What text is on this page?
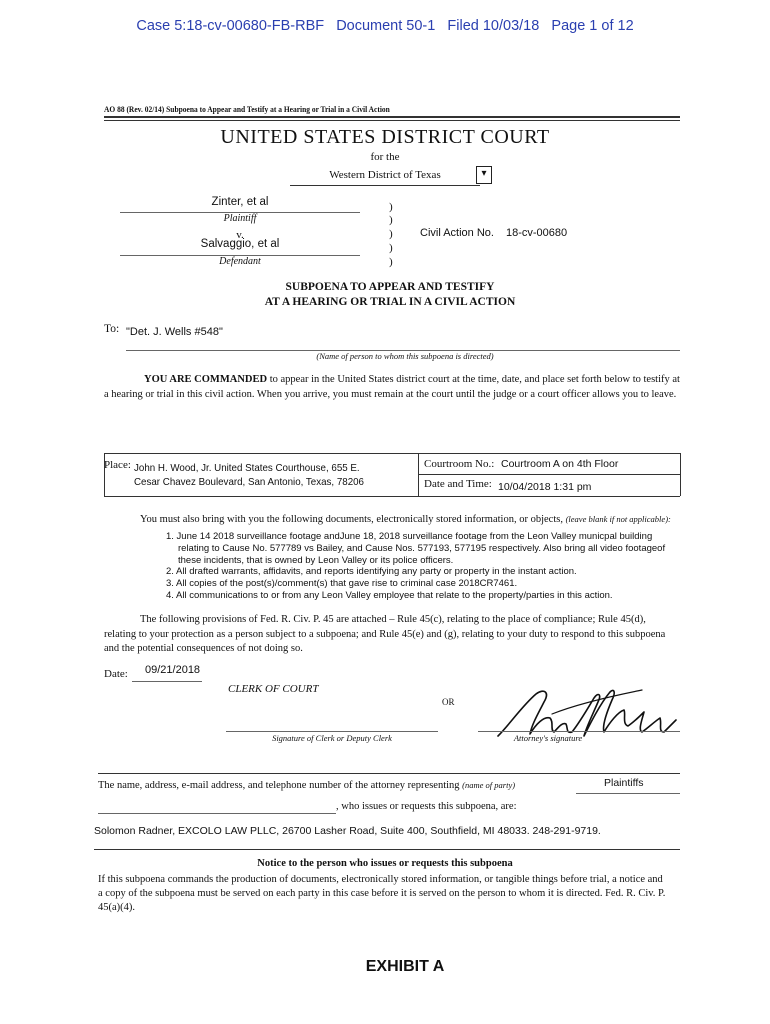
Case 5:18-cv-00680-FB-RBF   Document 50-1   Filed 10/03/18   Page 1 of 12
AO 88 (Rev. 02/14) Subpoena to Appear and Testify at a Hearing or Trial in a Civil Action
UNITED STATES DISTRICT COURT
for the
Western District of Texas	▾
Zinter, et al
Plaintiff
v.
Salvaggio, et al
Defendant
)
)
)
)
)
Civil Action No. 18-cv-00680
SUBPOENA TO APPEAR AND TESTIFY
AT A HEARING OR TRIAL IN A CIVIL ACTION
To: "Det. J. Wells #548"
(Name of person to whom this subpoena is directed)
YOU ARE COMMANDED to appear in the United States district court at the time, date, and place set forth below to testify at a hearing or trial in this civil action. When you arrive, you must remain at the court until the judge or a court officer allows you to leave.
Place: John H. Wood, Jr. United States Courthouse, 655 E.
Cesar Chavez Boulevard, San Antonio, Texas, 78206
Courtroom No.: Courtroom A on 4th Floor
Date and Time: 10/04/2018 1:31 pm
You must also bring with you the following documents, electronically stored information, or objects, (leave blank if not applicable):
1. June 14 2018 surveillance footage andJune 18, 2018 surveillance footage from the Leon Valley municpal building relating to Cause No. 577789 vs Bailey, and Cause Nos. 577193, 577195 respectively. Also bring all video footageof these incidents, that is owned by Leon Valley or its police officers.
2. All drafted warrants, affidavits, and reports identifying any party or property in the instant action.
3. All copies of the post(s)/comment(s) that gave rise to criminal case 2018CR7461.
4. All communications to or from any Leon Valley employee that relate to the property/parties in this action.
The following provisions of Fed. R. Civ. P. 45 are attached – Rule 45(c), relating to the place of compliance; Rule 45(d), relating to your protection as a person subject to a subpoena; and Rule 45(e) and (g), relating to your duty to respond to this subpoena and the potential consequences of not doing so.
Date: 09/21/2018
CLERK OF COURT
OR
Signature of Clerk or Deputy Clerk	Attorney's signature
The name, address, e-mail address, and telephone number of the attorney representing (name of party)	Plaintiffs
, who issues or requests this subpoena, are:
Solomon Radner, EXCOLO LAW PLLC, 26700 Lasher Road, Suite 400, Southfield, MI 48033. 248-291-9719.
Notice to the person who issues or requests this subpoena
If this subpoena commands the production of documents, electronically stored information, or tangible things before trial, a notice and a copy of the subpoena must be served on each party in this case before it is served on the person to whom it is directed. Fed. R. Civ. P. 45(a)(4).
EXHIBIT A
